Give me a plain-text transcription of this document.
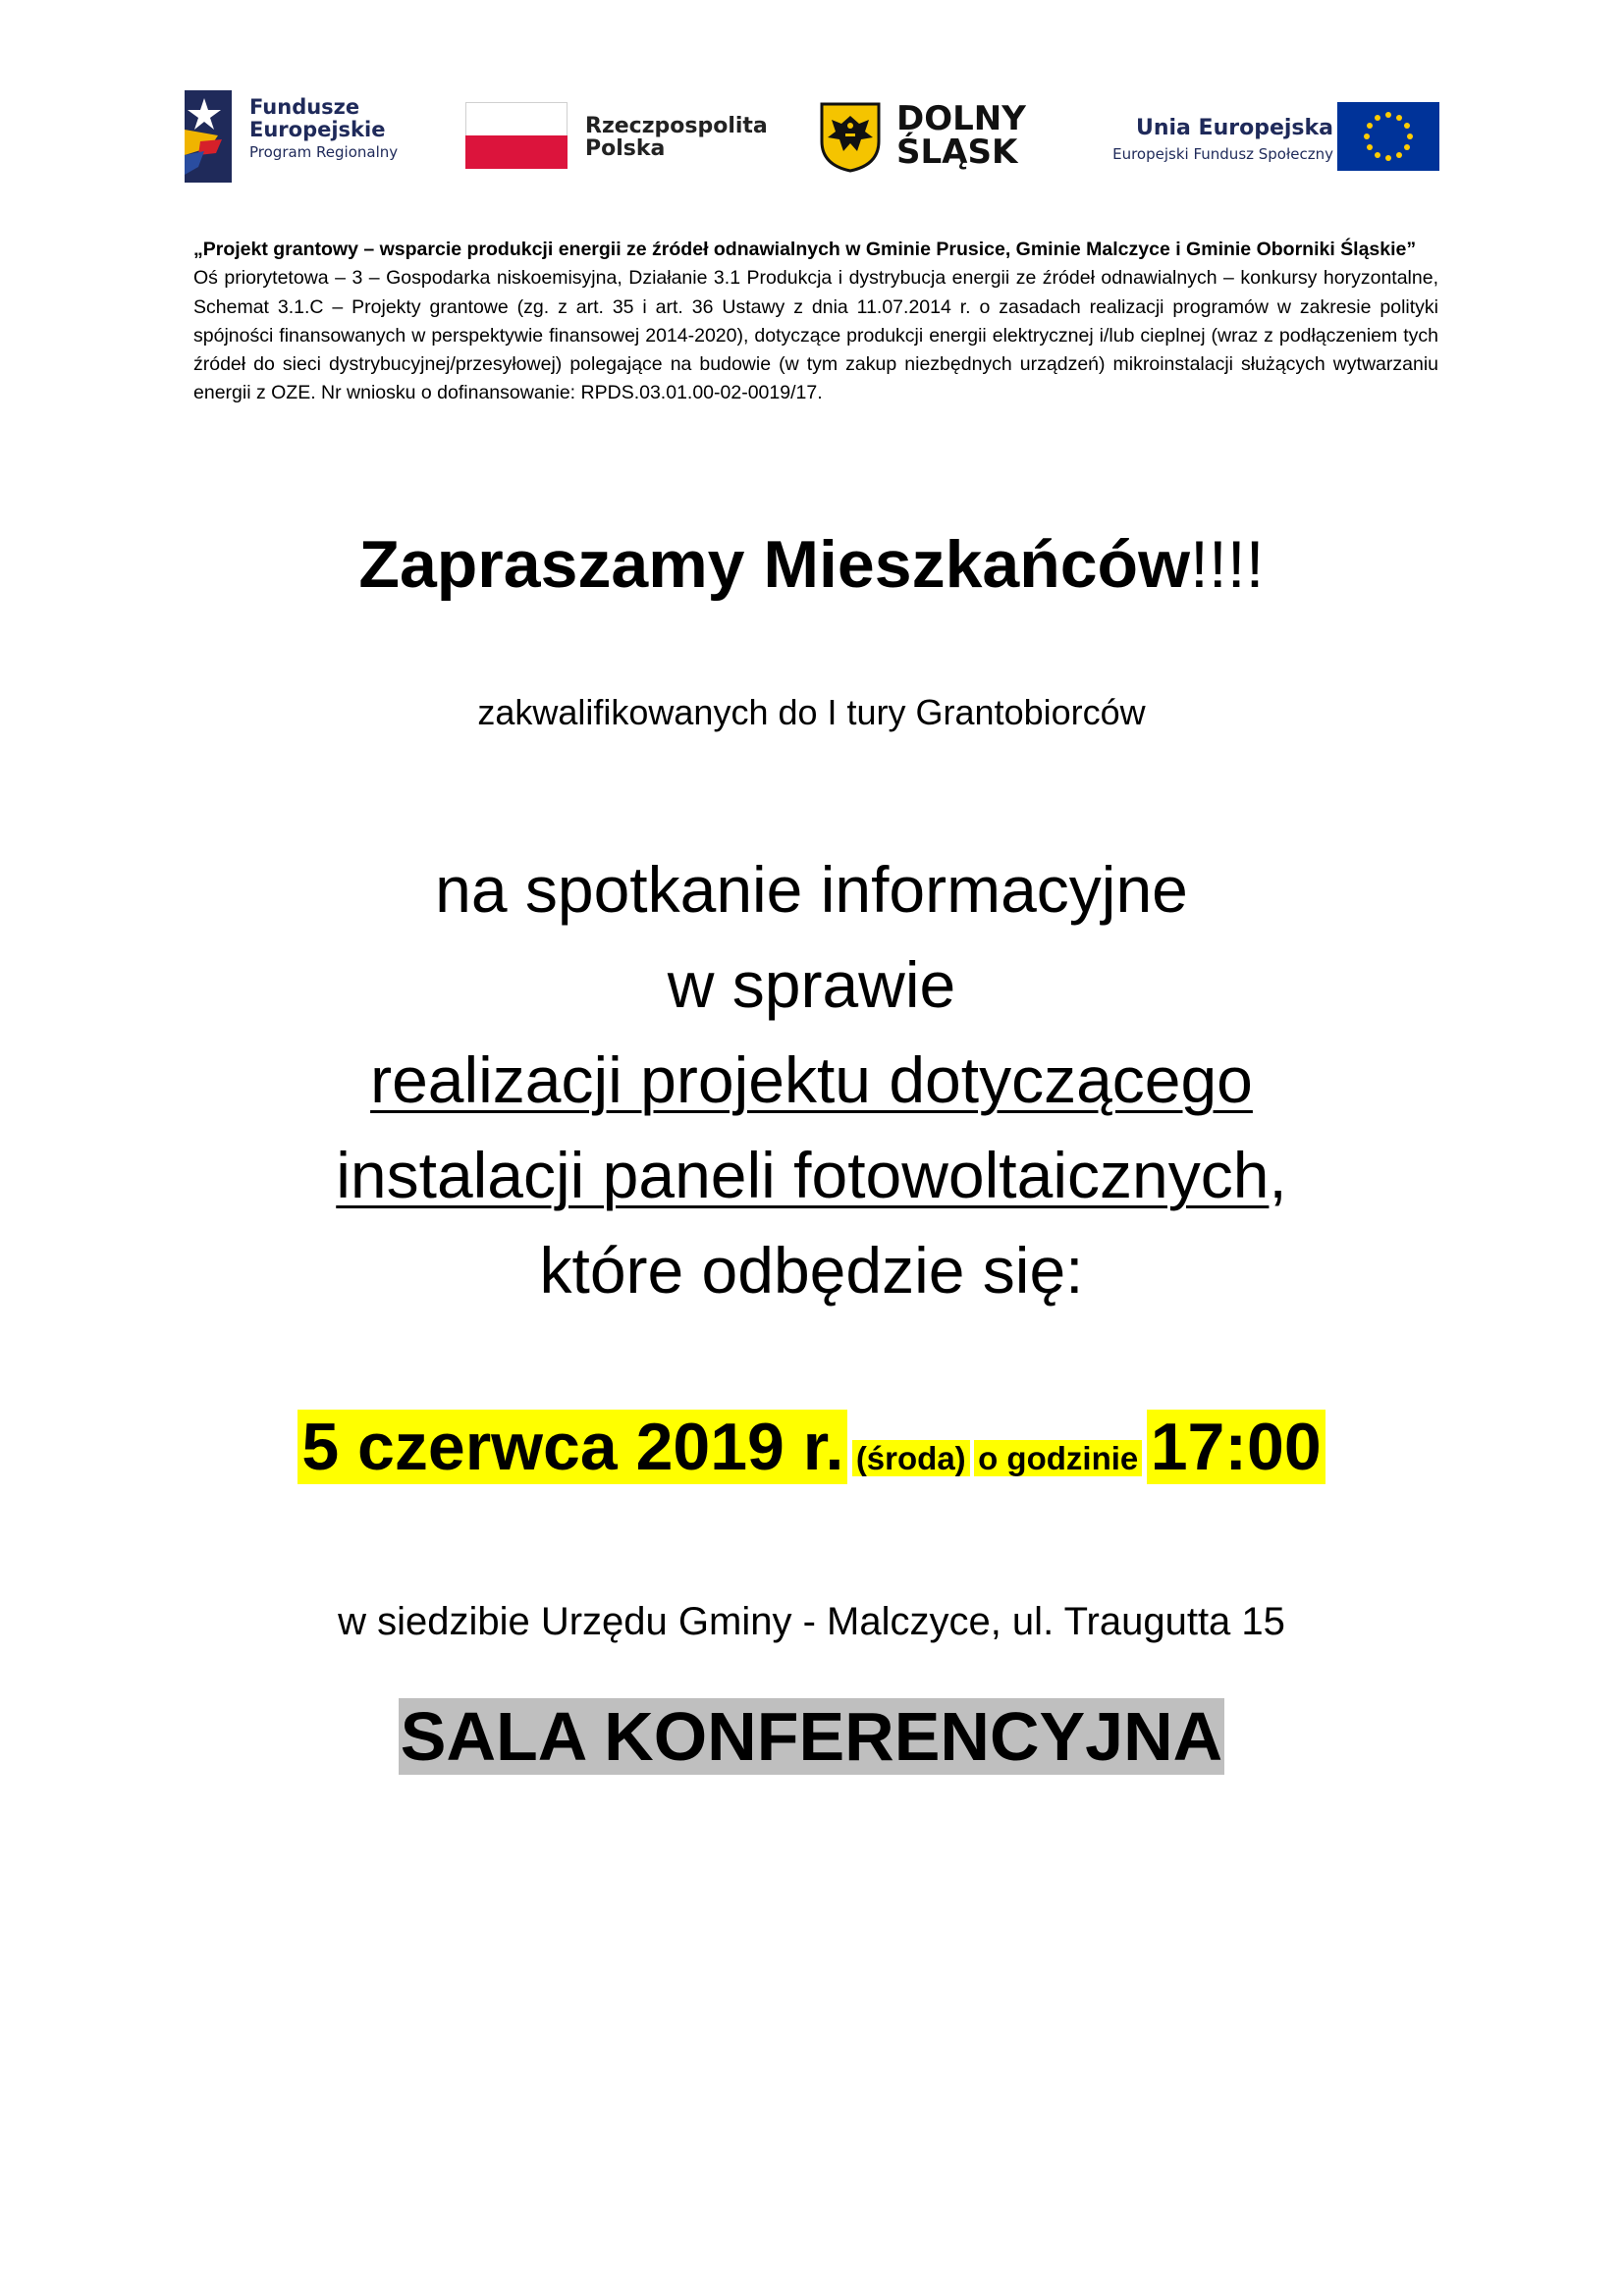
Fundusze
Europejskie
Program Regionalny
Rzeczpospolita
Polska
DOLNY
ŚLĄSK
Unia Europejska
Europejski Fundusz Społeczny

„Projekt grantowy – wsparcie produkcji energii ze źródeł odnawialnych w Gminie Prusice, Gminie Malczyce i Gminie Oborniki Śląskie”

Oś priorytetowa – 3 – Gospodarka niskoemisyjna, Działanie 3.1 Produkcja i dystrybucja energii ze źródeł odnawialnych – konkursy horyzontalne, Schemat 3.1.C – Projekty grantowe (zg. z art. 35 i art. 36 Ustawy z dnia 11.07.2014 r. o zasadach realizacji programów w zakresie polityki spójności finansowanych w perspektywie finansowej 2014-2020), dotyczące produkcji energii elektrycznej i/lub cieplnej (wraz z podłączeniem tych źródeł do sieci dystrybucyjnej/przesyłowej) polegające na budowie (w tym zakup niezbędnych urządzeń) mikroinstalacji służących wytwarzaniu energii z OZE. Nr wniosku o dofinansowanie: RPDS.03.01.00-02-0019/17.

Zapraszamy Mieszkańców!!!!
zakwalifikowanych do I tury Grantobiorców
na spotkanie informacyjne
w sprawie
realizacji projektu dotyczącego
instalacji paneli fotowoltaicznych,
które odbędzie się:
5 czerwca 2019 r. (środa) o godzinie 17:00
w siedzibie Urzędu Gminy - Malczyce, ul. Traugutta 15
SALA KONFERENCYJNA
